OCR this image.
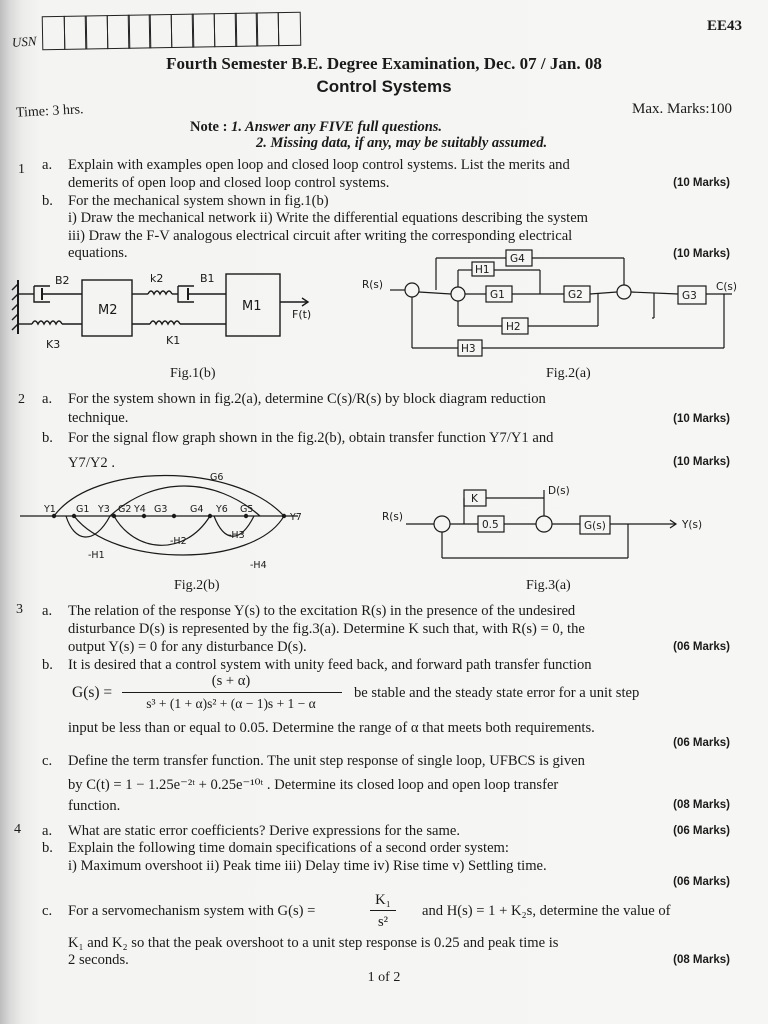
USN
EE43
Fourth Semester B.E. Degree Examination, Dec. 07 / Jan. 08
Control Systems
Time: 3 hrs.	Max. Marks:100
Note : 1. Answer any FIVE full questions.
2. Missing data, if any, may be suitably assumed.
1 a. Explain with examples open loop and closed loop control systems. List the merits and
demerits of open loop and closed loop control systems.	(10 Marks)
b. For the mechanical system shown in fig.1(b)
i) Draw the mechanical network ii) Write the differential equations describing the system
iii) Draw the F-V analogous electrical circuit after writing the corresponding electrical
equations.	(10 Marks)
B2
M2
k2	B1
M1
F(t)
K3	K1
R(s)	C(s)
G1	G2	G3
G4
H1
H2
H3
Fig.1(b)	Fig.2(a)
2 a. For the system shown in fig.2(a), determine C(s)/R(s) by block diagram reduction
technique.	(10 Marks)
b. For the signal flow graph shown in the fig.2(b), obtain transfer function Y7/Y1 and
Y7/Y2 .	(10 Marks)
Y1 G1 Y3 G2 Y4 G3 G4 Y6 G5
Y7
G6
-H1
-H2
-H3
-H4
R(s)
D(s)
K
0.5	G(s)	Y(s)
Fig.2(b)	Fig.3(a)
3 a. The relation of the response Y(s) to the excitation R(s) in the presence of the undesired
disturbance D(s) is represented by the fig.3(a). Determine K such that, with R(s) = 0, the
output Y(s) = 0 for any disturbance D(s).	(06 Marks)
b. It is desired that a control system with unity feed back, and forward path transfer function
G(s) =
(s + α)
s³ + (1 + α)s² + (α − 1)s + 1 − α
be stable and the steady state error for a unit step
input be less than or equal to 0.05. Determine the range of α that meets both requirements.
(06 Marks)
c. Define the term transfer function. The unit step response of single loop, UFBCS is given
by C(t) = 1 − 1.25e⁻²ᵗ + 0.25e⁻¹⁰ᵗ . Determine its closed loop and open loop transfer
function.	(08 Marks)
4 a. What are static error coefficients? Derive expressions for the same.	(06 Marks)
b. Explain the following time domain specifications of a second order system:
i) Maximum overshoot ii) Peak time iii) Delay time iv) Rise time v) Settling time.
(06 Marks)
c. For a servomechanism system with G(s) =
K₁
s²
and H(s) = 1 + K₂s, determine the value of
K₁ and K₂ so that the peak overshoot to a unit step response is 0.25 and peak time is
2 seconds.	(08 Marks)
1 of 2
